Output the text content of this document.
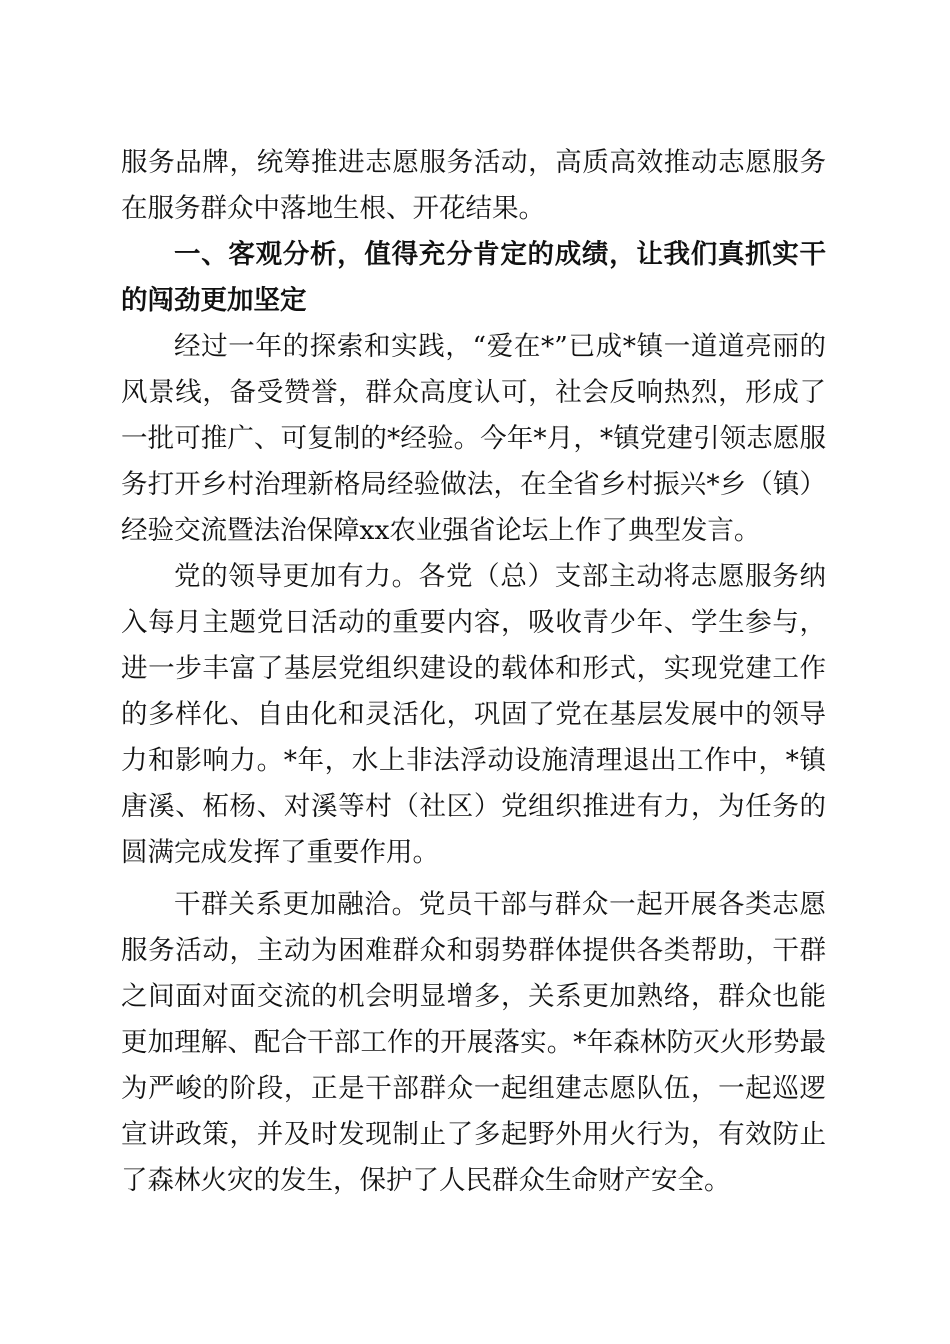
服务品牌，统筹推进志愿服务活动，高质高效推动志愿服务在服务群众中落地生根、开花结果。

一、客观分析，值得充分肯定的成绩，让我们真抓实干的闯劲更加坚定

经过一年的探索和实践，“爱在*”已成*镇一道道亮丽的风景线，备受赞誉，群众高度认可，社会反响热烈，形成了一批可推广、可复制的*经验。今年*月，*镇党建引领志愿服务打开乡村治理新格局经验做法，在全省乡村振兴*乡（镇）经验交流暨法治保障xx农业强省论坛上作了典型发言。

党的领导更加有力。各党（总）支部主动将志愿服务纳入每月主题党日活动的重要内容，吸收青少年、学生参与，进一步丰富了基层党组织建设的载体和形式，实现党建工作的多样化、自由化和灵活化，巩固了党在基层发展中的领导力和影响力。*年，水上非法浮动设施清理退出工作中，*镇唐溪、柘杨、对溪等村（社区）党组织推进有力，为任务的圆满完成发挥了重要作用。

干群关系更加融洽。党员干部与群众一起开展各类志愿服务活动，主动为困难群众和弱势群体提供各类帮助，干群之间面对面交流的机会明显增多，关系更加熟络，群众也能更加理解、配合干部工作的开展落实。*年森林防灭火形势最为严峻的阶段，正是干部群众一起组建志愿队伍，一起巡逻宣讲政策，并及时发现制止了多起野外用火行为，有效防止了森林火灾的发生，保护了人民群众生命财产安全。
